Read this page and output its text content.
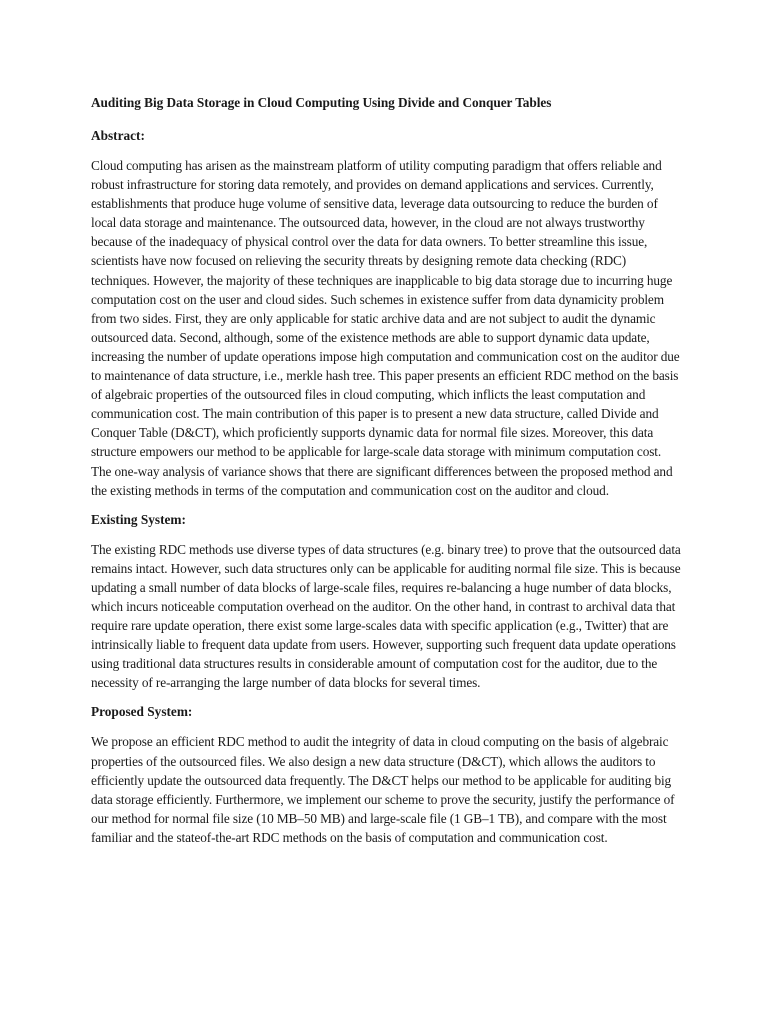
Auditing Big Data Storage in Cloud Computing Using Divide and Conquer Tables
Abstract:

Cloud computing has arisen as the mainstream platform of utility computing paradigm that offers reliable and robust infrastructure for storing data remotely, and provides on demand applications and services. Currently, establishments that produce huge volume of sensitive data, leverage data outsourcing to reduce the burden of local data storage and maintenance. The outsourced data, however, in the cloud are not always trustworthy because of the inadequacy of physical control over the data for data owners. To better streamline this issue, scientists have now focused on relieving the security threats by designing remote data checking (RDC) techniques. However, the majority of these techniques are inapplicable to big data storage due to incurring huge computation cost on the user and cloud sides. Such schemes in existence suffer from data dynamicity problem from two sides. First, they are only applicable for static archive data and are not subject to audit the dynamic outsourced data. Second, although, some of the existence methods are able to support dynamic data update, increasing the number of update operations impose high computation and communication cost on the auditor due to maintenance of data structure, i.e., merkle hash tree. This paper presents an efficient RDC method on the basis of algebraic properties of the outsourced files in cloud computing, which inflicts the least computation and communication cost. The main contribution of this paper is to present a new data structure, called Divide and Conquer Table (D&CT), which proficiently supports dynamic data for normal file sizes. Moreover, this data structure empowers our method to be applicable for large-scale data storage with minimum computation cost. The one-way analysis of variance shows that there are significant differences between the proposed method and the existing methods in terms of the computation and communication cost on the auditor and cloud.

Existing System:

The existing RDC methods use diverse types of data structures (e.g. binary tree) to prove that the outsourced data remains intact. However, such data structures only can be applicable for auditing normal file size. This is because updating a small number of data blocks of large-scale files, requires re-balancing a huge number of data blocks, which incurs noticeable computation overhead on the auditor. On the other hand, in contrast to archival data that require rare update operation, there exist some large-scales data with specific application (e.g., Twitter) that are intrinsically liable to frequent data update from users. However, supporting such frequent data update operations using traditional data structures results in considerable amount of computation cost for the auditor, due to the necessity of re-arranging the large number of data blocks for several times.

Proposed System:

We propose an efficient RDC method to audit the integrity of data in cloud computing on the basis of algebraic properties of the outsourced files. We also design a new data structure (D&CT), which allows the auditors to efficiently update the outsourced data frequently. The D&CT helps our method to be applicable for auditing big data storage efficiently. Furthermore, we implement our scheme to prove the security, justify the performance of our method for normal file size (10 MB–50 MB) and large-scale file (1 GB–1 TB), and compare with the most familiar and the stateof-the-art RDC methods on the basis of computation and communication cost.
